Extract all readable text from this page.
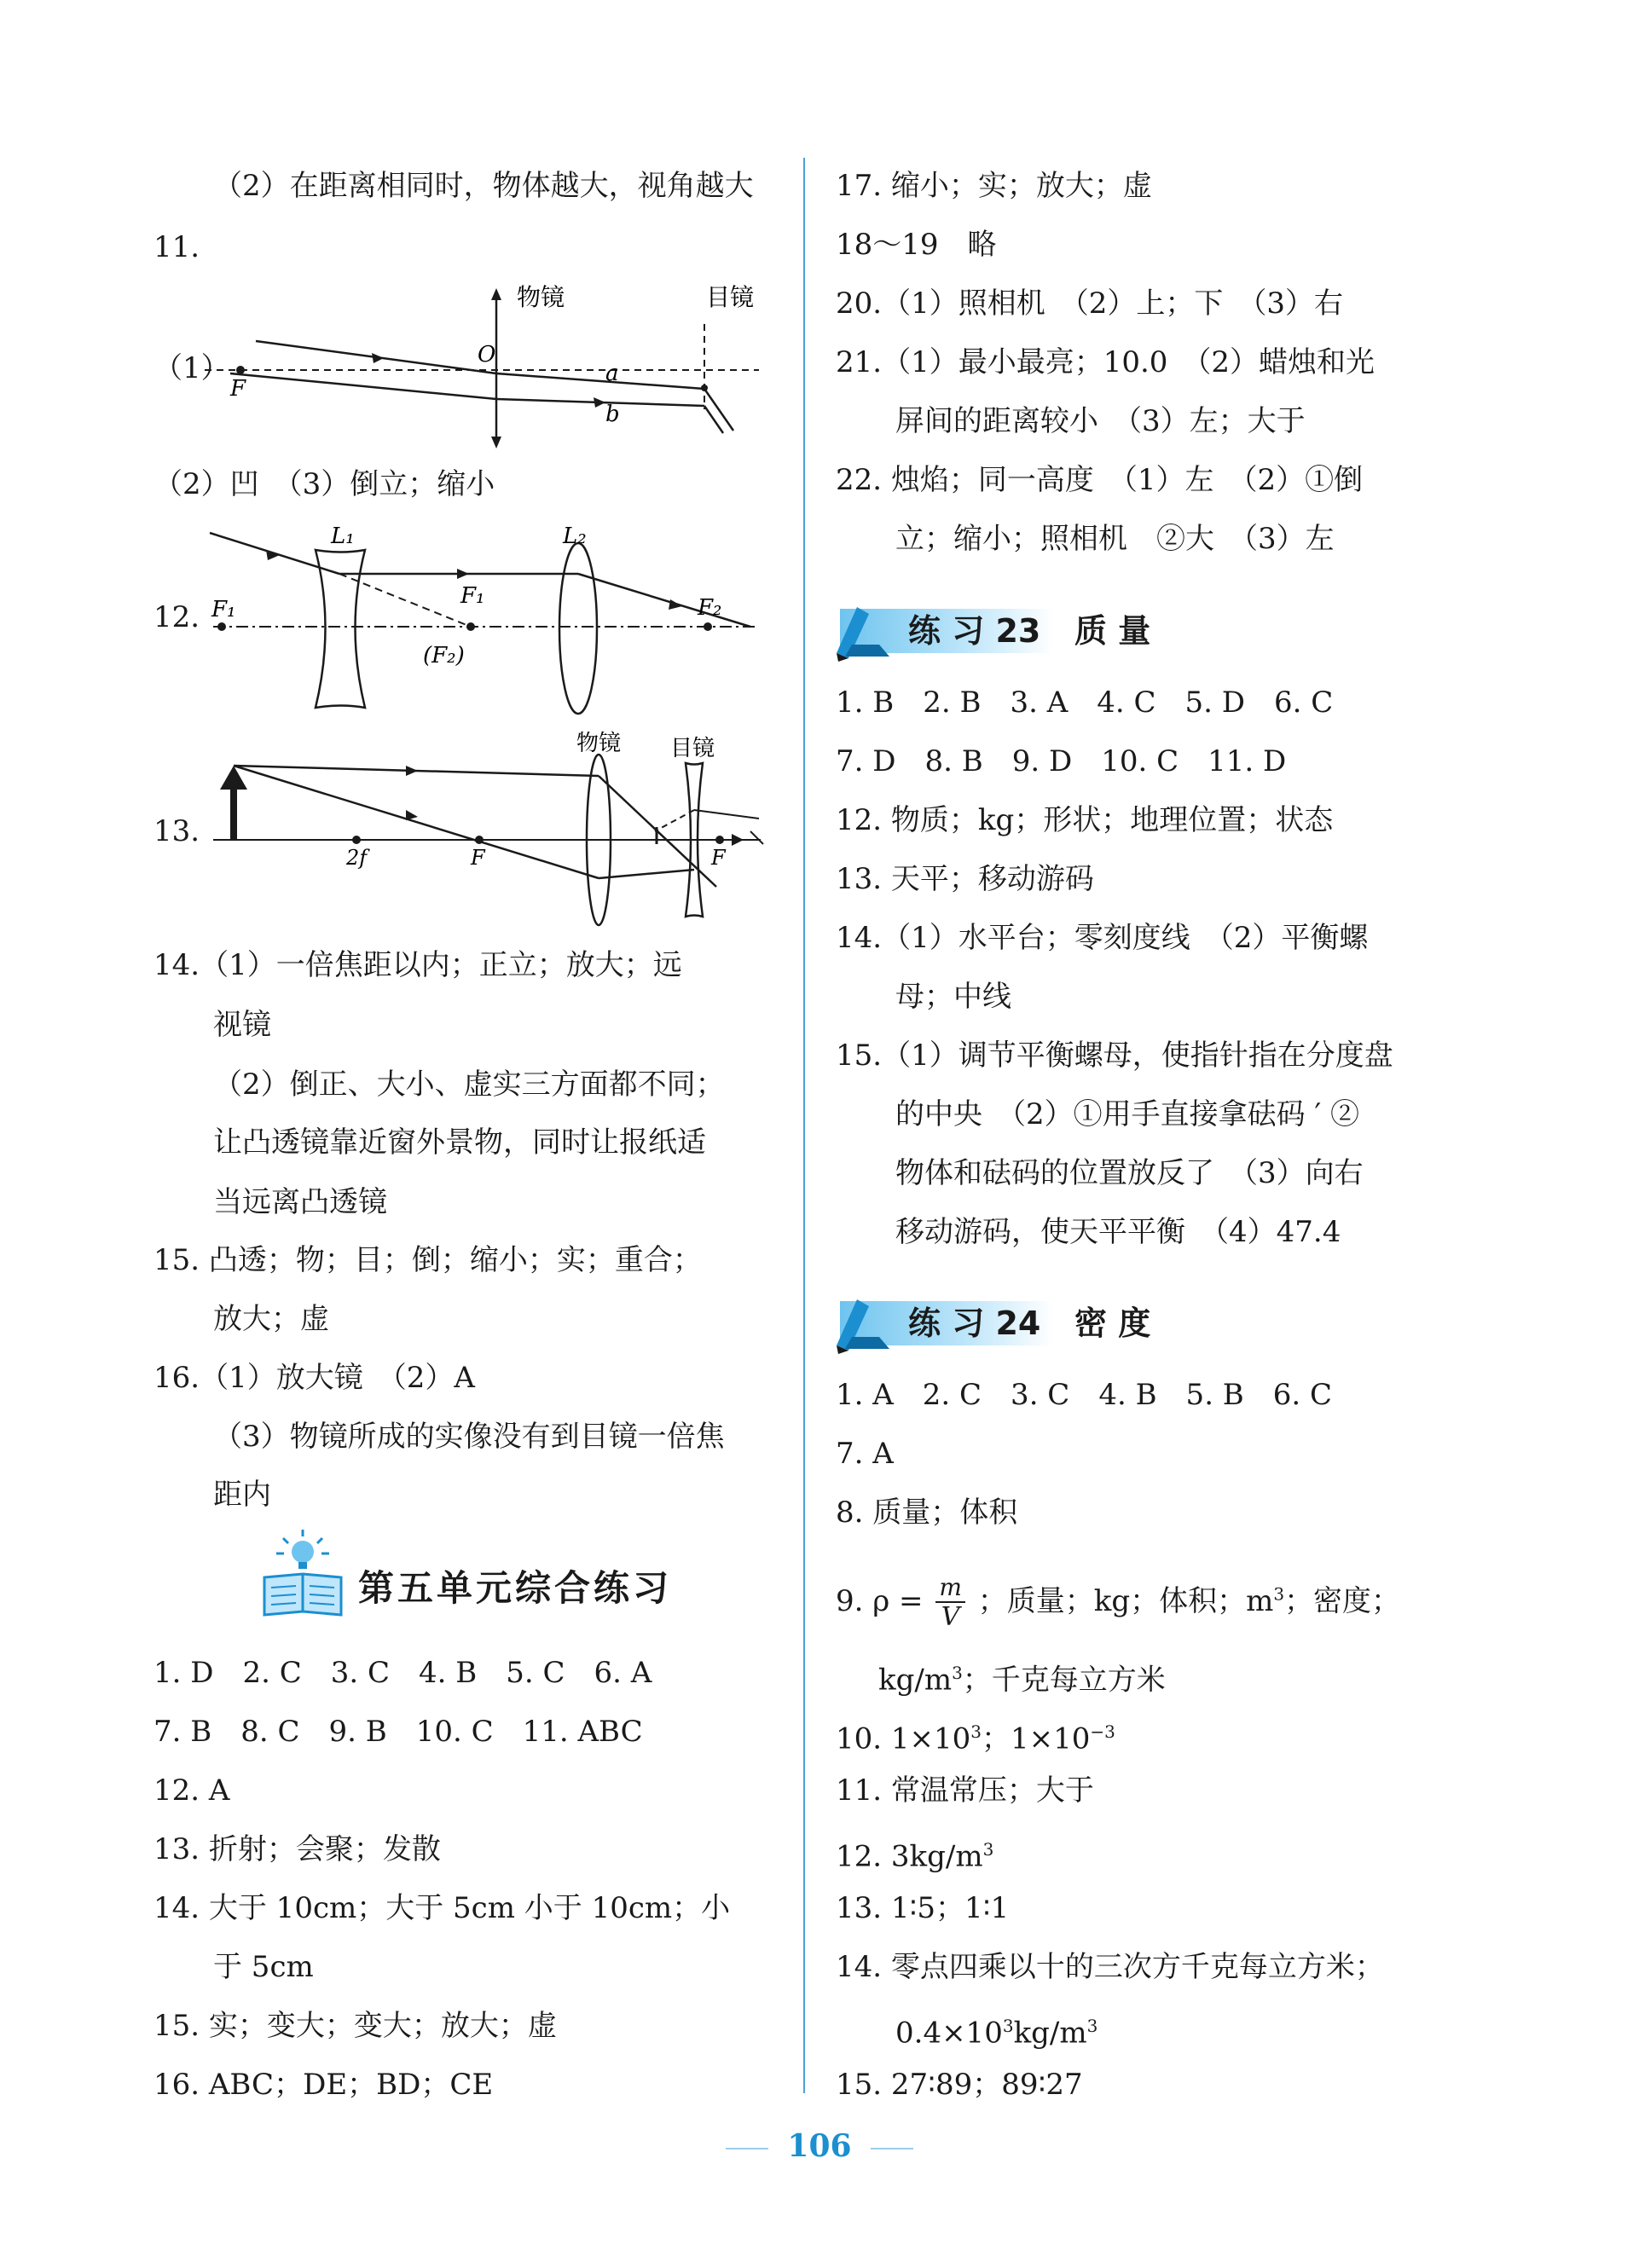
（2）在距离相同时，物体越大，视角越大
11.
（1）
物镜	目镜
O
F
a
b
（2）凹　（3）倒立；缩小
12.
L₁	L₂
F₁
F₁
(F₂)
F₂
13.
物镜 目镜
2f	F	F
14.（1）一倍焦距以内；正立；放大；远
视镜
（2）倒正、大小、虚实三方面都不同；
让凸透镜靠近窗外景物，同时让报纸适
当远离凸透镜
15. 凸透；物；目；倒；缩小；实；重合；
放大；虚
16.（1）放大镜　（2）A
（3）物镜所成的实像没有到目镜一倍焦
距内
第五单元综合练习
1. D　2. C　3. C　4. B　5. C　6. A
7. B　8. C　9. B　10. C　11. ABC
12. A
13. 折射；会聚；发散
14. 大于 10cm；大于 5cm 小于 10cm；小
于 5cm
15. 实；变大；变大；放大；虚
16. ABC；DE；BD；CE
17. 缩小；实；放大；虚
18～19　略
20.（1）照相机　（2）上；下　（3）右
21.（1）最小最亮；10.0　（2）蜡烛和光
屏间的距离较小　（3）左；大于
22. 烛焰；同一高度　（1）左　（2）①倒
立；缩小；照相机　②大　（3）左
练 习 23 质 量
1. B　2. B　3. A　4. C　5. D　6. C
7. D　8. B　9. D　10. C　11. D
12. 物质；kg；形状；地理位置；状态
13. 天平；移动游码
14.（1）水平台；零刻度线　（2）平衡螺
母；中线
15.（1）调节平衡螺母，使指针指在分度盘
的中央　（2）①用手直接拿砝码 ′ ②
物体和砝码的位置放反了　（3）向右
移动游码，使天平平衡　（4）47.4
练 习 24 密 度
1. A　2. C　3. C　4. B　5. B　6. C
7. A
8. 质量；体积
9. $\rho = \frac{m}{V}$ ；质量；kg；体积；$m^3$；密度；
$kg/m^3$；千克每立方米
10. $1\times 10^3$；$1\times 10^{-3}$
11. 常温常压；大于
12. $3kg/m^3$
13. 1∶5；1∶1
14. 零点四乘以十的三次方千克每立方米；
$0.4\times 10^3kg/m^3$
15. 27∶89；89∶27
106
